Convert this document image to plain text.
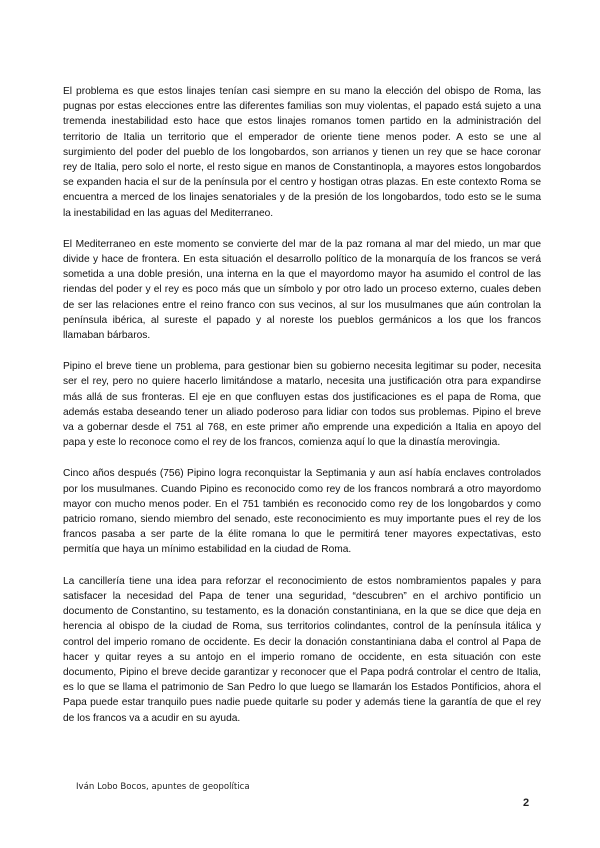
El problema es que estos linajes tenían casi siempre en su mano la elección del obispo de Roma, las pugnas por estas elecciones entre las diferentes familias son muy violentas, el papado está sujeto a una tremenda inestabilidad esto hace que estos linajes romanos tomen partido en la administración del territorio de Italia un territorio que el emperador de oriente tiene menos poder. A esto se une al surgimiento del poder del pueblo de los longobardos, son arrianos y tienen un rey que se hace coronar rey de Italia, pero solo el norte, el resto sigue en manos de Constantinopla, a mayores estos longobardos se expanden hacia el sur de la península por el centro y hostigan otras plazas. En este contexto Roma se encuentra a merced de los linajes senatoriales y de la presión de los longobardos, todo esto se le suma la inestabilidad en las aguas del Mediterraneo.

El Mediterraneo en este momento se convierte del mar de la paz romana al mar del miedo, un mar que divide y hace de frontera. En esta situación el desarrollo político de la monarquía de los francos se verá sometida a una doble presión, una interna en la que el mayordomo mayor ha asumido el control de las riendas del poder y el rey es poco más que un símbolo y por otro lado un proceso externo, cuales deben de ser las relaciones entre el reino franco con sus vecinos, al sur los musulmanes que aún controlan la península ibérica, al sureste el papado y al noreste los pueblos germánicos a los que los francos llamaban bárbaros.

Pipino el breve tiene un problema, para gestionar bien su gobierno necesita legitimar su poder, necesita ser el rey, pero no quiere hacerlo limitándose a matarlo, necesita una justificación otra para expandirse más allá de sus fronteras. El eje en que confluyen estas dos justificaciones es el papa de Roma, que además estaba deseando tener un aliado poderoso para lidiar con todos sus problemas. Pipino el breve va a gobernar desde el 751 al 768, en este primer año emprende una expedición a Italia en apoyo del papa y este lo reconoce como el rey de los francos, comienza aquí lo que la dinastía merovingia.

Cinco años después (756) Pipino logra reconquistar la Septimania y aun así había enclaves controlados por los musulmanes. Cuando Pipino es reconocido como rey de los francos nombrará a otro mayordomo mayor con mucho menos poder. En el 751 también es reconocido como rey de los longobardos y como patricio romano, siendo miembro del senado, este reconocimiento es muy importante pues el rey de los francos pasaba a ser parte de la élite romana lo que le permitirá tener mayores expectativas, esto permitía que haya un mínimo estabilidad en la ciudad de Roma.

La cancillería tiene una idea para reforzar el reconocimiento de estos nombramientos papales y para satisfacer la necesidad del Papa de tener una seguridad, “descubren” en el archivo pontificio un documento de Constantino, su testamento, es la donación constantiniana, en la que se dice que deja en herencia al obispo de la ciudad de Roma, sus territorios colindantes, control de la península itálica y control del imperio romano de occidente. Es decir la donación constantiniana daba el control al Papa de hacer y quitar reyes a su antojo en el imperio romano de occidente, en esta situación con este documento, Pipino el breve decide garantizar y reconocer que el Papa podrá controlar el centro de Italia, es lo que se llama el patrimonio de San Pedro lo que luego se llamarán los Estados Pontificios, ahora el Papa puede estar tranquilo pues nadie puede quitarle su poder y además tiene la garantía de que el rey de los francos va a acudir en su ayuda.

Iván Lobo Bocos, apuntes de geopolítica
2
